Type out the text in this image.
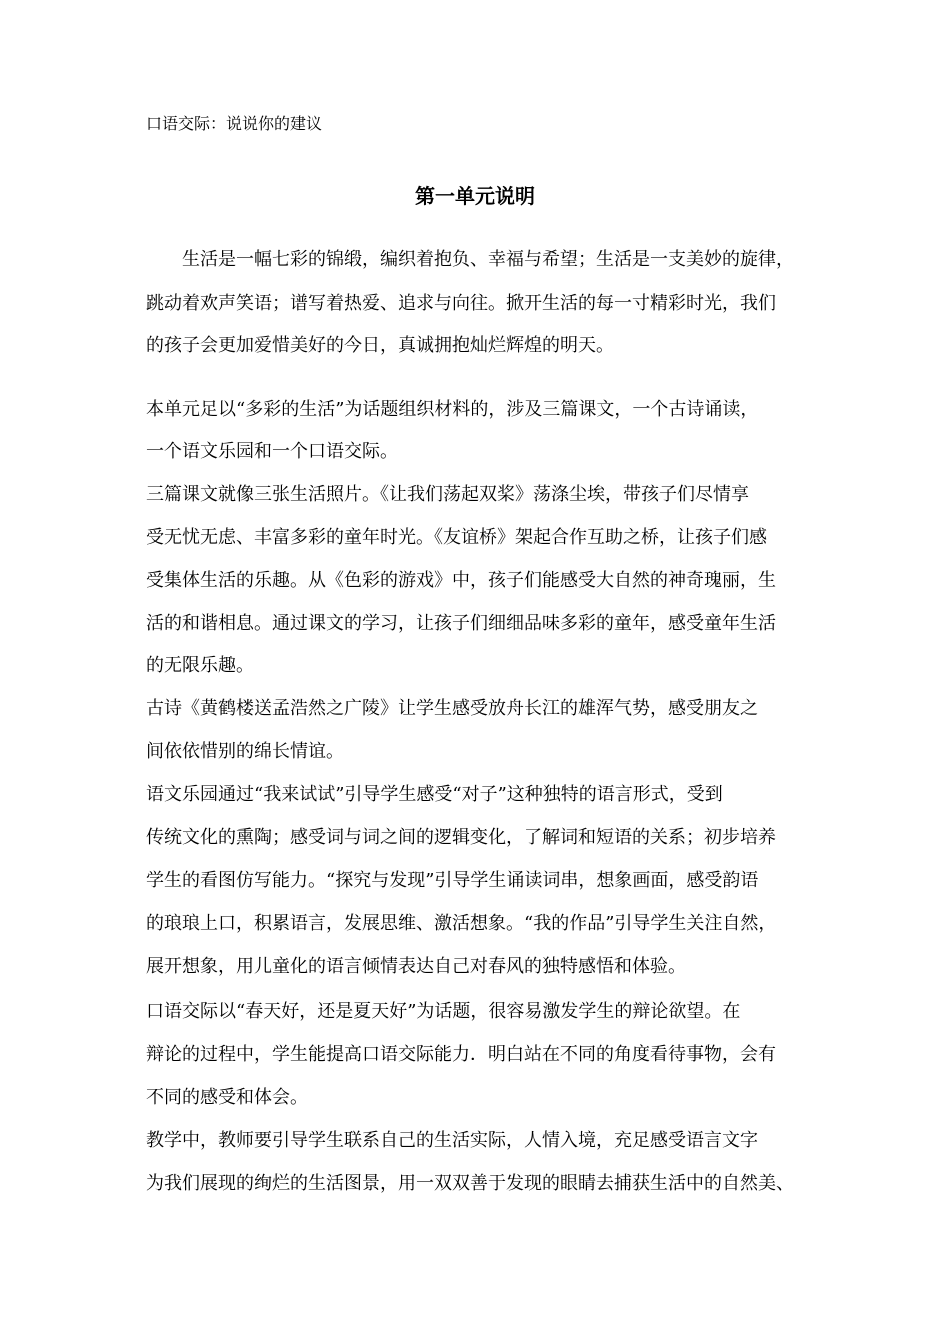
口语交际：说说你的建议
第一单元说明
　　生活是一幅七彩的锦缎，编织着抱负、幸福与希望；生活是一支美妙的旋律，
跳动着欢声笑语；谱写着热爱、追求与向往。掀开生活的每一寸精彩时光，我们
的孩子会更加爱惜美好的今日，真诚拥抱灿烂辉煌的明天。
本单元足以“多彩的生活”为话题组织材料的，涉及三篇课文，一个古诗诵读，
一个语文乐园和一个口语交际。
三篇课文就像三张生活照片。《让我们荡起双桨》荡涤尘埃，带孩子们尽情享
受无忧无虑、丰富多彩的童年时光。《友谊桥》架起合作互助之桥，让孩子们感
受集体生活的乐趣。从《色彩的游戏》中，孩子们能感受大自然的神奇瑰丽，生
活的和谐相息。通过课文的学习，让孩子们细细品味多彩的童年，感受童年生活
的无限乐趣。
古诗《黄鹤楼送孟浩然之广陵》让学生感受放舟长江的雄浑气势，感受朋友之
间依依惜别的绵长情谊。
语文乐园通过“我来试试”引导学生感受“对子”这种独特的语言形式，受到
传统文化的熏陶；感受词与词之间的逻辑变化，了解词和短语的关系；初步培养
学生的看图仿写能力。“探究与发现”引导学生诵读词串，想象画面，感受韵语
的琅琅上口，积累语言，发展思维、激活想象。“我的作品”引导学生关注自然，
展开想象，用儿童化的语言倾情表达自己对春风的独特感悟和体验。
口语交际以“春天好，还是夏天好”为话题，很容易激发学生的辩论欲望。在
辩论的过程中，学生能提高口语交际能力．明白站在不同的角度看待事物，会有
不同的感受和体会。
教学中，教师要引导学生联系自己的生活实际，人情入境，充足感受语言文字
为我们展现的绚烂的生活图景，用一双双善于发现的眼睛去捕获生活中的自然美、
